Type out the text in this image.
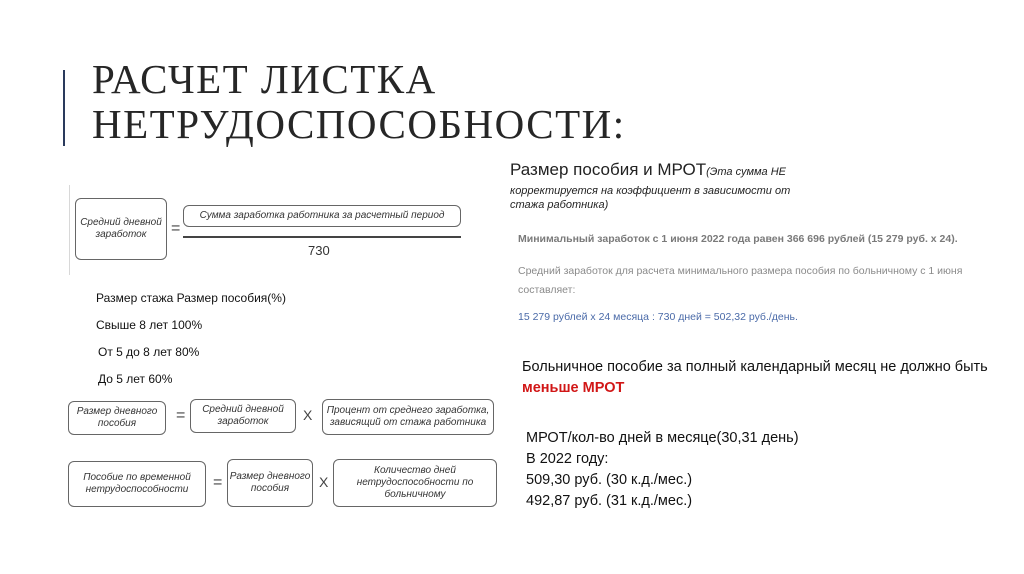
РАСЧЕТ ЛИСТКА
НЕТРУДОСПОСОБНОСТИ:
Средний дневной заработок	=
Сумма заработка работника за расчетный период
730
Размер стажа Размер пособия(%)
Свыше 8 лет 100%
От 5 до 8 лет 80%
До 5 лет 60%
Размер дневного пособия	=	Средний дневной заработок	X	Процент от среднего заработка, зависящий от стажа работника
Пособие по временной нетрудоспособности	= Размер дневного пособия	X
Количество дней нетрудоспособности по больничному
Размер пособия и МРОТ(Эта сумма НЕ
корректируется на коэффициент в зависимости от
стажа работника)
Минимальный заработок с 1 июня 2022 года равен 366 696 рублей (15 279 руб. х 24).
Средний заработок для расчета минимального размера пособия по больничному с 1 июня составляет:
15 279 рублей х 24 месяца : 730 дней = 502,32 руб./день.
Больничное пособие за полный календарный месяц не должно быть меньше МРОТ
МРОТ/кол-во дней в месяце(30,31 день)
В 2022 году:
509,30 руб. (30 к.д./мес.)
492,87 руб. (31 к.д./мес.)
